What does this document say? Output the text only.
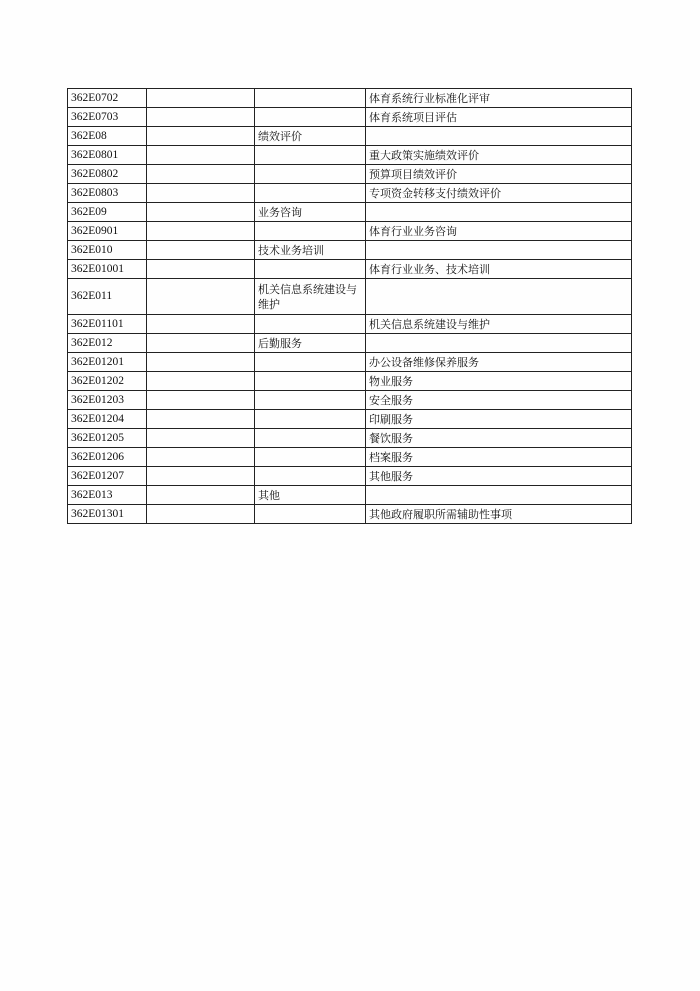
362E0702			体育系统行业标准化评审
362E0703			体育系统项目评估
362E08		绩效评价	
362E0801			重大政策实施绩效评价
362E0802			预算项目绩效评价
362E0803			专项资金转移支付绩效评价
362E09		业务咨询	
362E0901			体育行业业务咨询
362E010		技术业务培训	
362E01001			体育行业业务、技术培训
362E011		机关信息系统建设与维护	
362E01101			机关信息系统建设与维护
362E012		后勤服务	
362E01201			办公设备维修保养服务
362E01202			物业服务
362E01203			安全服务
362E01204			印刷服务
362E01205			餐饮服务
362E01206			档案服务
362E01207			其他服务
362E013		其他	
362E01301			其他政府履职所需辅助性事项
